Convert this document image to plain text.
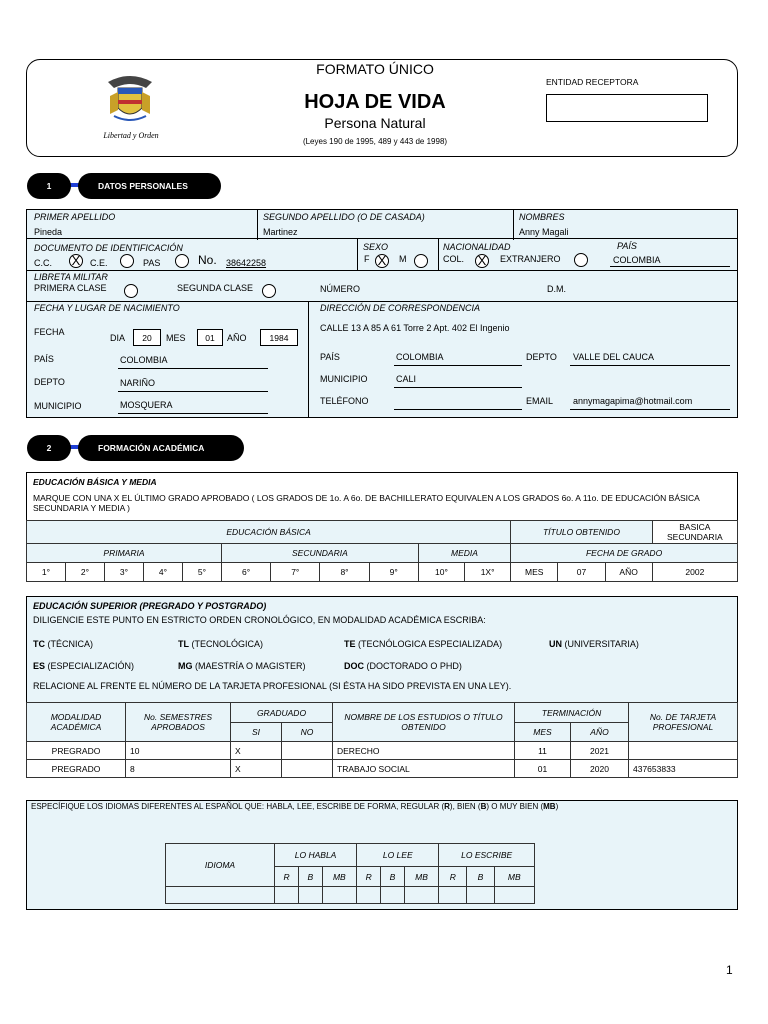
Libertad y Orden
FORMATO ÚNICO
HOJA DE VIDA
Persona Natural
(Leyes 190 de 1995, 489 y 443 de 1998)
ENTIDAD RECEPTORA
1	DATOS PERSONALES
PRIMER APELLIDO
Pineda
SEGUNDO APELLIDO (O DE CASADA)
Martinez
NOMBRES
Anny Magali
DOCUMENTO DE IDENTIFICACIÓN
C.C. X C.E.	PAS	No. 38642258
SEXO
F X M
NACIONALIDAD
COL. X EXTRANJERO
PAÍS
COLOMBIA
LIBRETA MILITAR
PRIMERA CLASE	SEGUNDA CLASE	NÚMERO	D.M.
FECHA Y LUGAR DE NACIMIENTO
FECHA
DIA	20	MES	01	AÑO	1984
PAÍS	COLOMBIA
DEPTO	NARIÑO
MUNICIPIO	MOSQUERA
DIRECCIÓN DE CORRESPONDENCIA
CALLE 13 A 85 A 61 Torre 2 Apt. 402 El Ingenio
PAÍS	COLOMBIA	DEPTO VALLE DEL CAUCA
MUNICIPIO	CALI
TELÉFONO	EMAIL annymagapima@hotmail.com
2	FORMACIÓN ACADÉMICA
EDUCACIÓN BÁSICA Y MEDIA
MARQUE CON UNA X EL ÚLTIMO GRADO APROBADO ( LOS GRADOS DE 1o. A 6o. DE BACHILLERATO EQUIVALEN A LOS GRADOS 6o. A 11o. DE EDUCACIÓN BÁSICA SECUNDARIA Y MEDIA )
EDUCACIÓN BÁSICA											TÍTULO OBTENIDO			BASICA SECUNDARIA
PRIMARIA					SECUNDARIA				MEDIA		FECHA DE GRADO			
1°	2°	3°	4°	5°	6°	7°	8°	9°	10°	1X°	MES	07	AÑO	2002
EDUCACIÓN SUPERIOR (PREGRADO Y POSTGRADO)
DILIGENCIE ESTE PUNTO EN ESTRICTO ORDEN CRONOLÓGICO, EN MODALIDAD ACADÉMICA ESCRIBA:
TC (TÉCNICA)	TL (TECNOLÓGICA)	TE (TECNÓLOGICA ESPECIALIZADA)	UN (UNIVERSITARIA)
ES (ESPECIALIZACIÓN)	MG (MAESTRÍA O MAGISTER)	DOC (DOCTORADO O PHD)
RELACIONE AL FRENTE EL NÚMERO DE LA TARJETA PROFESIONAL (SI ÉSTA HA SIDO PREVISTA EN UNA LEY).
MODALIDAD ACADÉMICA	No. SEMESTRES APROBADOS	GRADUADO		NOMBRE DE LOS ESTUDIOS O TÍTULO OBTENIDO	TERMINACIÓN		No. DE TARJETA PROFESIONAL
		SI	NO		MES	AÑO	
PREGRADO	10	X		DERECHO	11	2021	
PREGRADO	8	X		TRABAJO SOCIAL	01	2020	437653833
ESPECÍFIQUE LOS IDIOMAS DIFERENTES AL ESPAÑOL QUE: HABLA, LEE, ESCRIBE DE FORMA, REGULAR (R), BIEN (B) O MUY BIEN (MB)
IDIOMA	LO HABLA			LO LEE			LO ESCRIBE		
	R	B	MB	R	B	MB	R	B	MB

1
